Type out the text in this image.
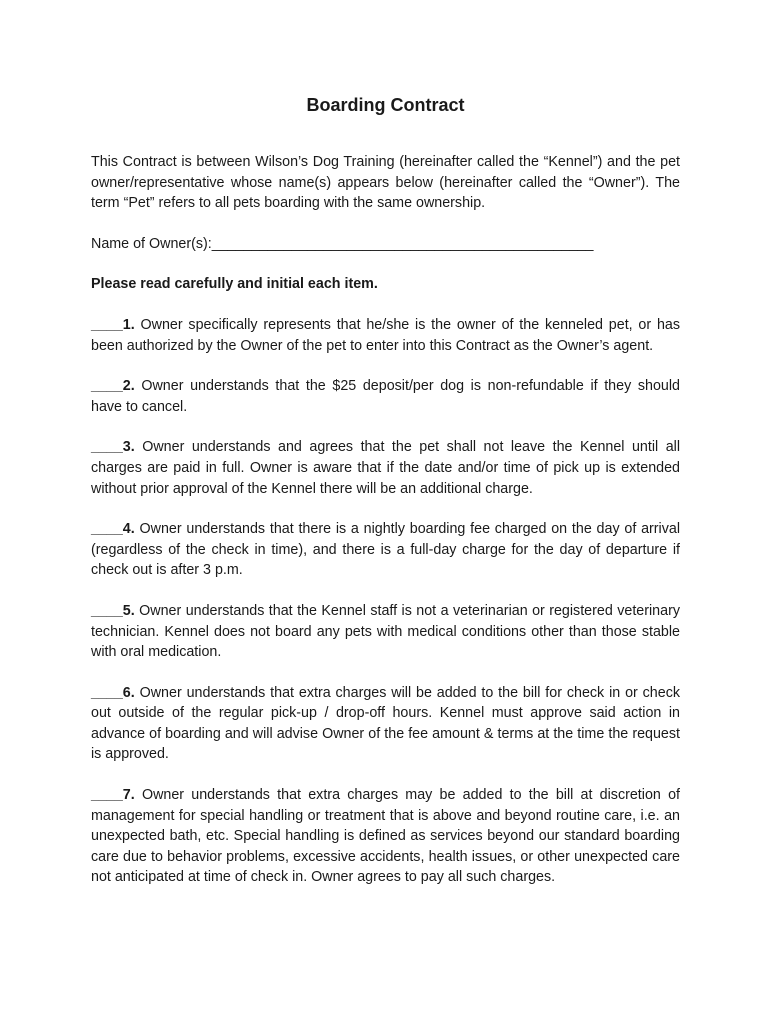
Boarding Contract

This Contract is between Wilson’s Dog Training (hereinafter called the “Kennel”) and the pet owner/representative whose name(s) appears below (hereinafter called the “Owner”). The term “Pet” refers to all pets boarding with the same ownership.

Name of Owner(s):________________________________________________

Please read carefully and initial each item.

____1. Owner specifically represents that he/she is the owner of the kenneled pet, or has been authorized by the Owner of the pet to enter into this Contract as the Owner’s agent.

____2. Owner understands that the $25 deposit/per dog is non-refundable if they should have to cancel.

____3. Owner understands and agrees that the pet shall not leave the Kennel until all charges are paid in full. Owner is aware that if the date and/or time of pick up is extended without prior approval of the Kennel there will be an additional charge.

____4. Owner understands that there is a nightly boarding fee charged on the day of arrival (regardless of the check in time), and there is a full-day charge for the day of departure if check out is after 3 p.m.

____5. Owner understands that the Kennel staff is not a veterinarian or registered veterinary technician. Kennel does not board any pets with medical conditions other than those stable with oral medication.

____6. Owner understands that extra charges will be added to the bill for check in or check out outside of the regular pick-up / drop-off hours. Kennel must approve said action in advance of boarding and will advise Owner of the fee amount & terms at the time the request is approved.

____7. Owner understands that extra charges may be added to the bill at discretion of management for special handling or treatment that is above and beyond routine care, i.e. an unexpected bath, etc. Special handling is defined as services beyond our standard boarding care due to behavior problems, excessive accidents, health issues, or other unexpected care not anticipated at time of check in. Owner agrees to pay all such charges.
